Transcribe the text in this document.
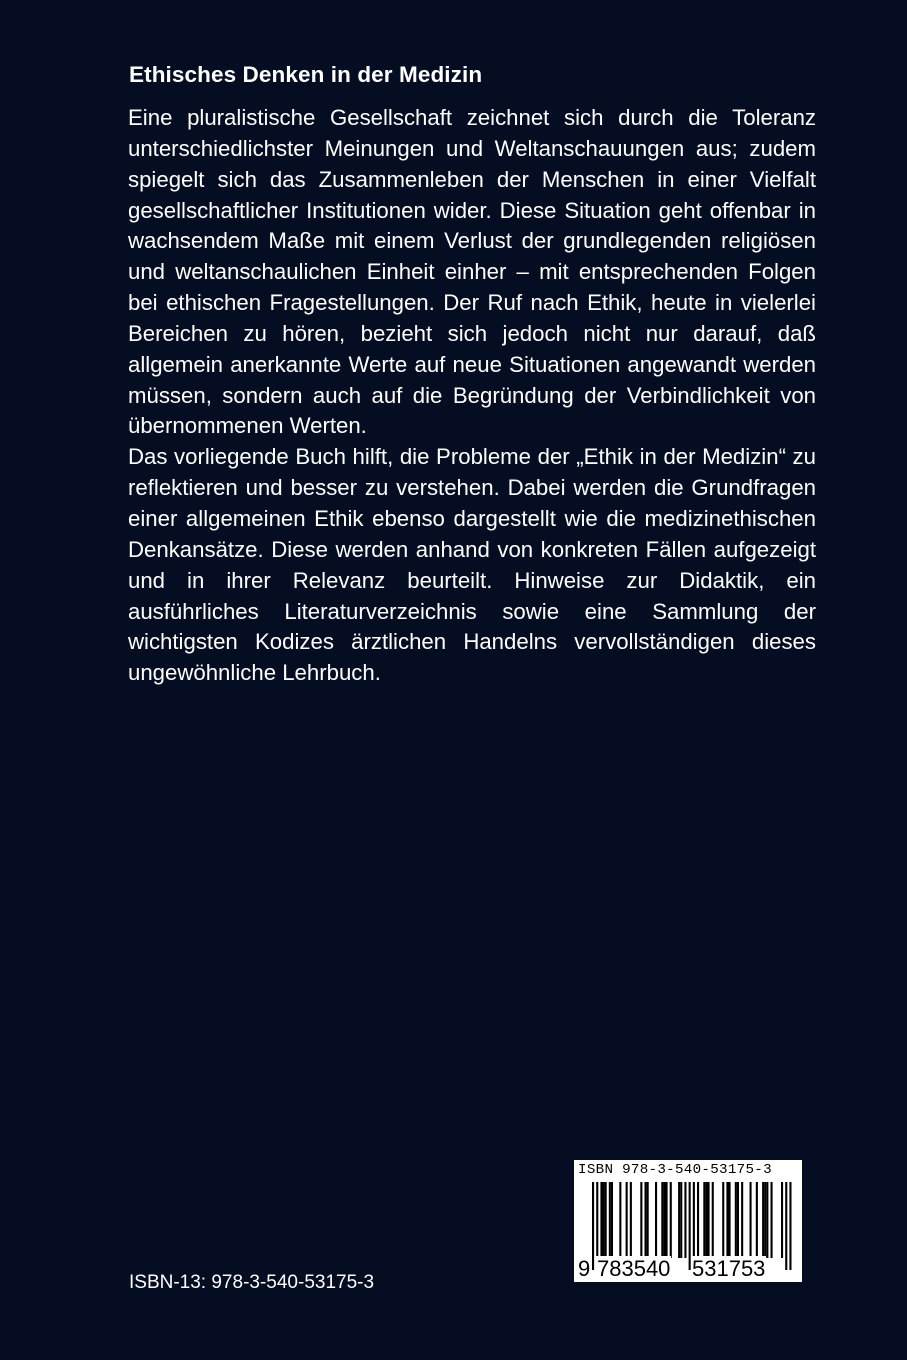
Ethisches Denken in der Medizin

Eine pluralistische Gesellschaft zeichnet sich durch die Toleranz unterschiedlichster Meinungen und Weltanschauungen aus; zudem spiegelt sich das Zusammenleben der Menschen in einer Vielfalt gesellschaftlicher Institutionen wider. Diese Situation geht offenbar in wachsendem Maße mit einem Verlust der grundlegenden religiösen und weltanschaulichen Einheit einher – mit entsprechenden Folgen bei ethischen Fragestellungen. Der Ruf nach Ethik, heute in vielerlei Bereichen zu hören, bezieht sich jedoch nicht nur darauf, daß allgemein anerkannte Werte auf neue Situationen angewandt werden müssen, sondern auch auf die Begründung der Verbindlichkeit von übernommenen Werten.

Das vorliegende Buch hilft, die Probleme der „Ethik in der Medizin“ zu reflektieren und besser zu verstehen. Dabei werden die Grundfragen einer allgemeinen Ethik ebenso dargestellt wie die medizinethischen Denkansätze. Diese werden anhand von konkreten Fällen aufgezeigt und in ihrer Relevanz beurteilt. Hinweise zur Didaktik, ein ausführliches Literaturverzeichnis sowie eine Sammlung der wichtigsten Kodizes ärztlichen Handelns vervollständigen dieses ungewöhnliche Lehrbuch.

ISBN-13: 978-3-540-53175-3
ISBN 978-3-540-53175-3
9 783540 531753
